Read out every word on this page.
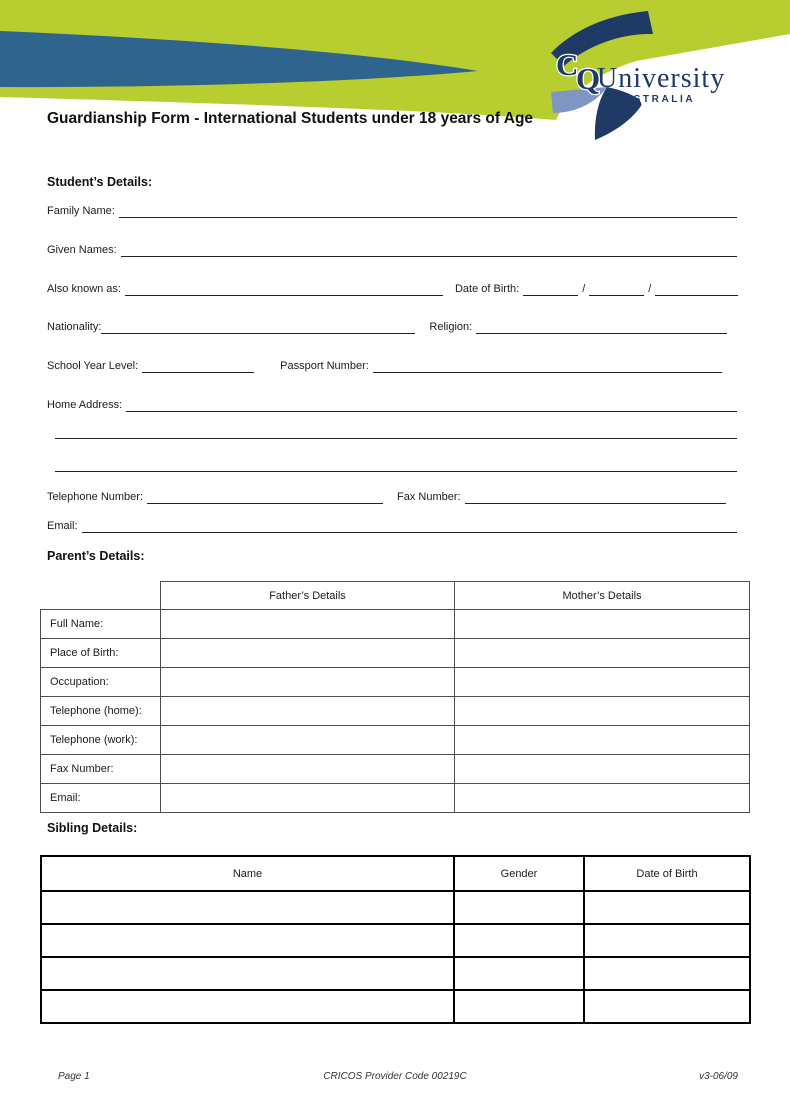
C
Q
University
AUSTRALIA
Guardianship Form - International Students under 18 years of Age
Student’s Details:
Family Name:
Given Names:
Also known as:	Date of Birth:	/	/
Nationality:	Religion:
School Year Level:	Passport Number:
Home Address:
Telephone Number:	Fax Number:
Email:
Parent’s Details:
	Father’s Details	Mother’s Details
Full Name:		
Place of Birth:		
Occupation:		
Telephone (home):		
Telephone (work):		
Fax Number:		
Email:		
Sibling Details:
Name	Gender	Date of Birth

Page 1	CRICOS Provider Code 00219C	v3-06/09
